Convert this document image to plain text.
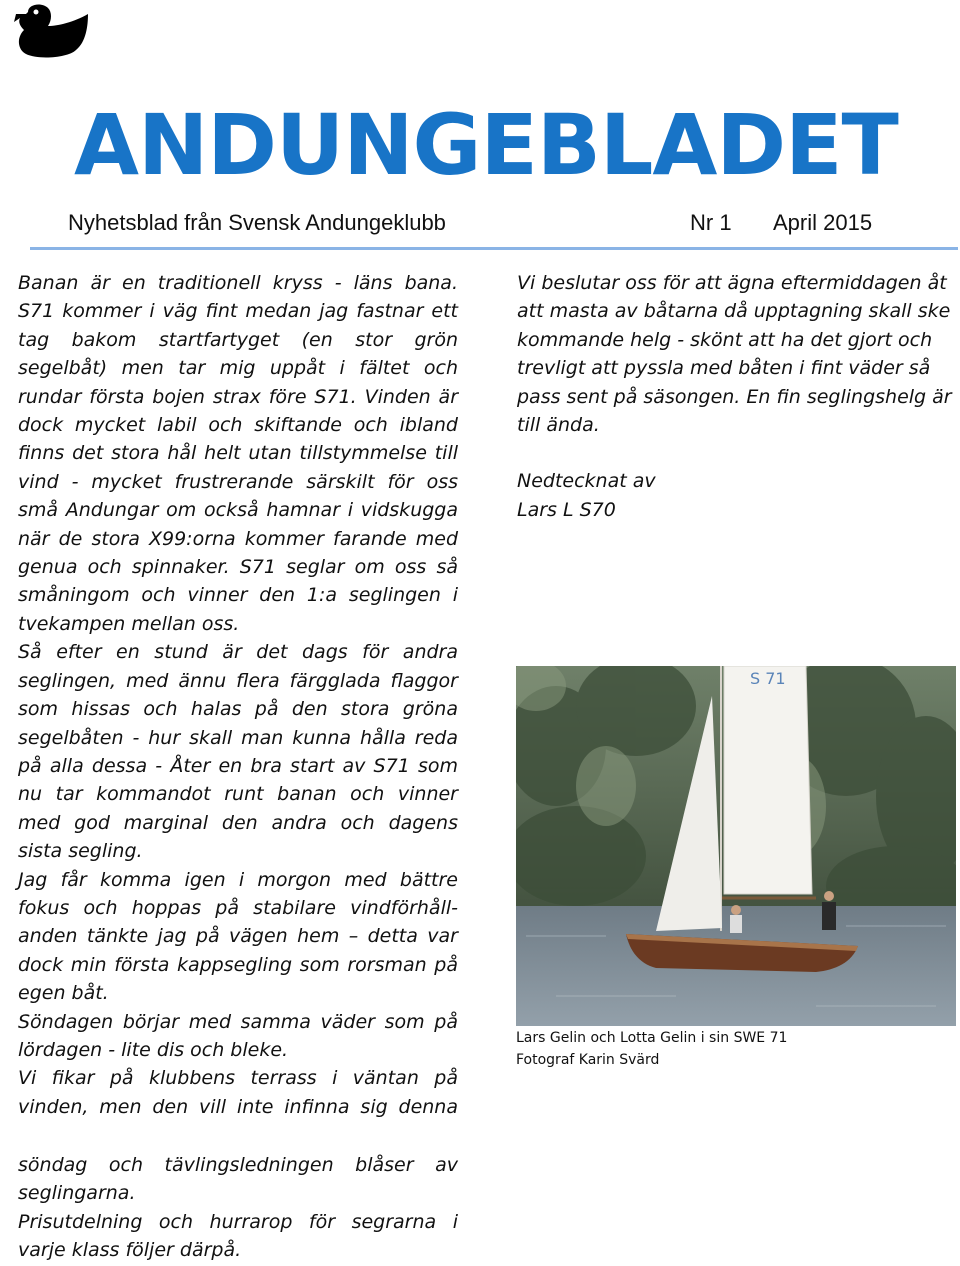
ANDUNGEBLADET
Nyhetsblad från Svensk Andungeklubb	Nr 1 April 2015

Banan är en traditionell kryss - läns bana. S71 kommer i väg fint medan jag fastnar ett tag bakom startfartyget (en stor grön segelbåt) men tar mig uppåt i fältet och rundar första bojen strax före S71. Vinden är dock mycket labil och skiftande och ibland finns det stora hål helt utan tillstymmelse till vind - mycket frustrerande särskilt för oss små Andungar om också hamnar i vidskugga när de stora X99:orna kommer farande med genua och spinnaker. S71 seglar om oss så småningom och vinner den 1:a seglingen i tvekampen mellan oss.

Så efter en stund är det dags för andra seglingen, med ännu flera färgglada flaggor som hissas och halas på den stora gröna segelbåten - hur skall man kunna hålla reda på alla dessa - Åter en bra start av S71 som nu tar kommandot runt banan och vinner med god marginal den andra och dagens sista segling.

Jag får komma igen i morgon med bättre fokus och hoppas på stabilare vindförhåll-anden tänkte jag på vägen hem – detta var dock min första kappsegling som rorsman på egen båt.

Söndagen börjar med samma väder som på lördagen - lite dis och bleke.

Vi fikar på klubbens terrass i väntan på vinden, men den vill inte infinna sig denna

Vi beslutar oss för att ägna eftermiddagen åt att masta av båtarna då upptagning skall ske kommande helg - skönt att ha det gjort och trevligt att pyssla med båten i fint väder så pass sent på säsongen. En fin seglingshelg är till ända.

Nedtecknat av

Lars L S70

S 71
Lars Gelin och Lotta Gelin i sin SWE 71
Fotograf Karin Svärd

söndag och tävlingsledningen blåser av seglingarna.

Prisutdelning och hurrarop för segrarna i varje klass följer därpå.
